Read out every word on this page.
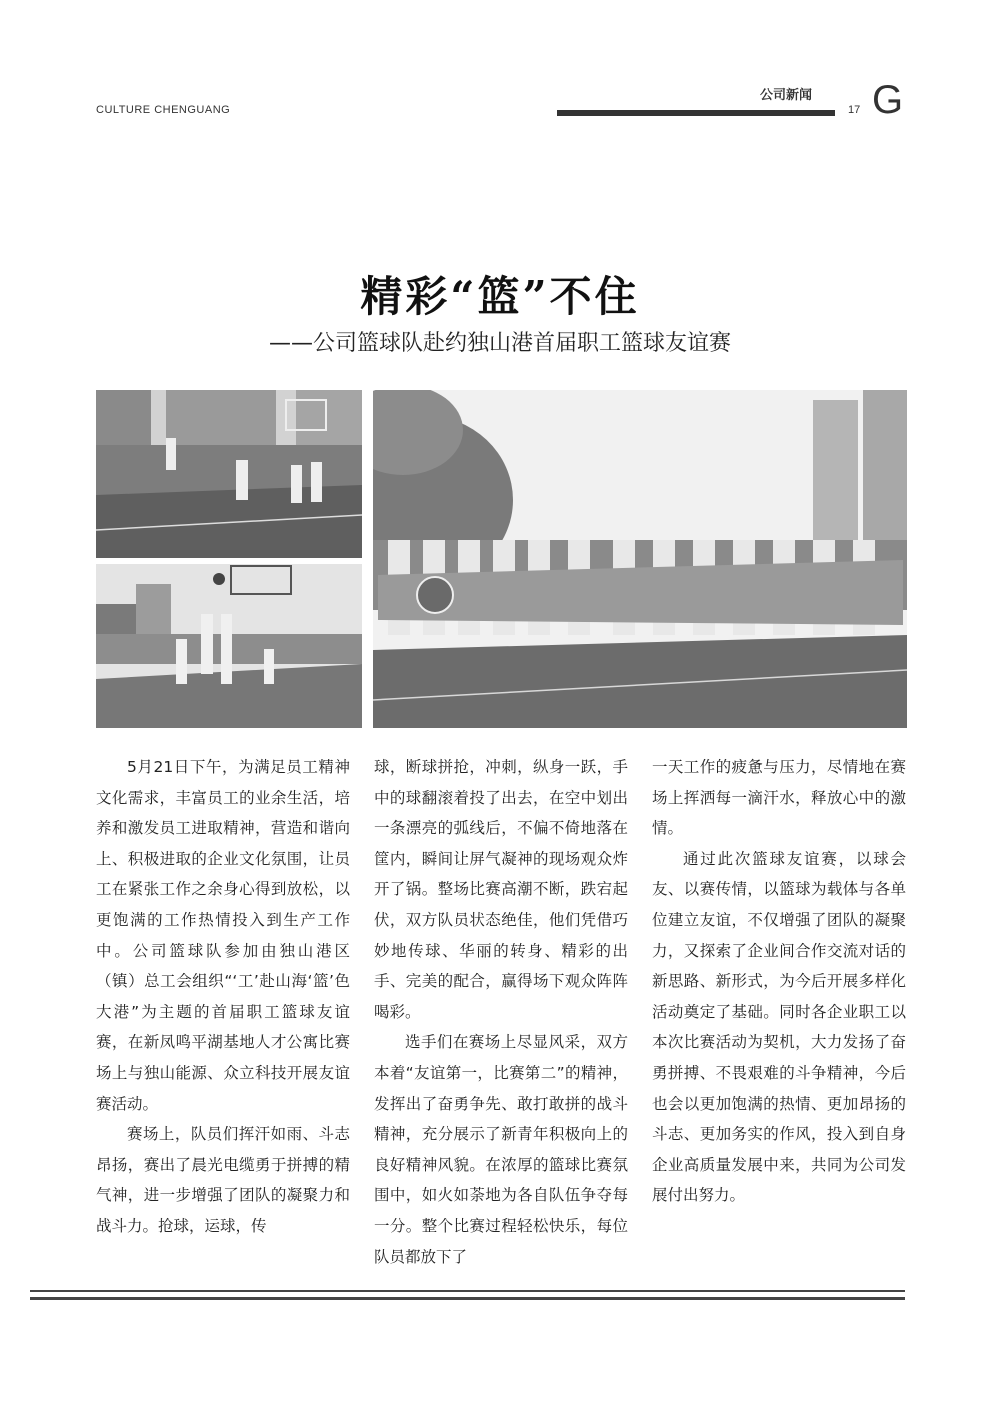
CULTURE CHENGUANG
公司新闻
17 G
精彩“篮”不住
——公司篮球队赴约独山港首届职工篮球友谊赛

5月21日下午，为满足员工精神文化需求，丰富员工的业余生活，培养和激发员工进取精神，营造和谐向上、积极进取的企业文化氛围，让员工在紧张工作之余身心得到放松，以更饱满的工作热情投入到生产工作中。公司篮球队参加由独山港区（镇）总工会组织“‘工’赴山海‘篮’色大港”为主题的首届职工篮球友谊赛，在新凤鸣平湖基地人才公寓比赛场上与独山能源、众立科技开展友谊赛活动。

赛场上，队员们挥汗如雨、斗志昂扬，赛出了晨光电缆勇于拼搏的精气神，进一步增强了团队的凝聚力和战斗力。抢球，运球，传

球，断球拼抢，冲刺，纵身一跃，手中的球翻滚着投了出去，在空中划出一条漂亮的弧线后，不偏不倚地落在筐内，瞬间让屏气凝神的现场观众炸开了锅。整场比赛高潮不断，跌宕起伏，双方队员状态绝佳，他们凭借巧妙地传球、华丽的转身、精彩的出手、完美的配合，赢得场下观众阵阵喝彩。

选手们在赛场上尽显风采，双方本着“友谊第一，比赛第二”的精神，发挥出了奋勇争先、敢打敢拼的战斗精神，充分展示了新青年积极向上的良好精神风貌。在浓厚的篮球比赛氛围中，如火如荼地为各自队伍争夺每一分。整个比赛过程轻松快乐，每位队员都放下了

一天工作的疲惫与压力，尽情地在赛场上挥洒每一滴汗水，释放心中的激情。

通过此次篮球友谊赛，以球会友、以赛传情，以篮球为载体与各单位建立友谊，不仅增强了团队的凝聚力，又探索了企业间合作交流对话的新思路、新形式，为今后开展多样化活动奠定了基础。同时各企业职工以本次比赛活动为契机，大力发扬了奋勇拼搏、不畏艰难的斗争精神，今后也会以更加饱满的热情、更加昂扬的斗志、更加务实的作风，投入到自身企业高质量发展中来，共同为公司发展付出努力。
